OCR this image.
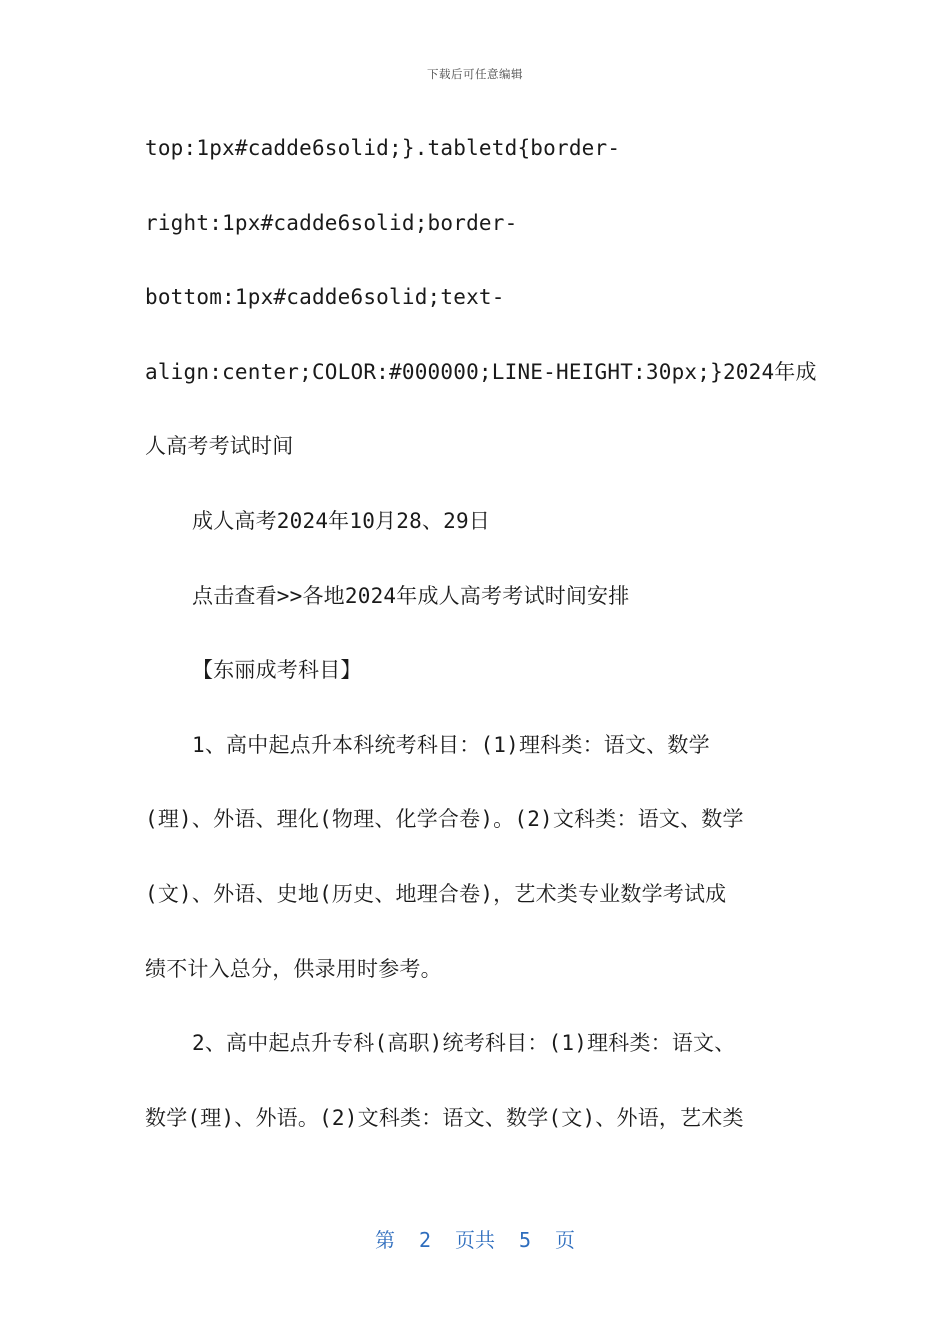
下载后可任意编辑
top:1px#cadde6solid;}.tabletd{border-
right:1px#cadde6solid;border-
bottom:1px#cadde6solid;text-
align:center;COLOR:#000000;LINE-HEIGHT:30px;}2024年成
人高考考试时间
成人高考2024年10月28、29日
点击查看>>各地2024年成人高考考试时间安排
【东丽成考科目】
1、高中起点升本科统考科目：(1)理科类：语文、数学
(理)、外语、理化(物理、化学合卷)。(2)文科类：语文、数学
(文)、外语、史地(历史、地理合卷)，艺术类专业数学考试成
绩不计入总分，供录用时参考。
2、高中起点升专科(高职)统考科目：(1)理科类：语文、
数学(理)、外语。(2)文科类：语文、数学(文)、外语，艺术类
第 2 页共 5 页
